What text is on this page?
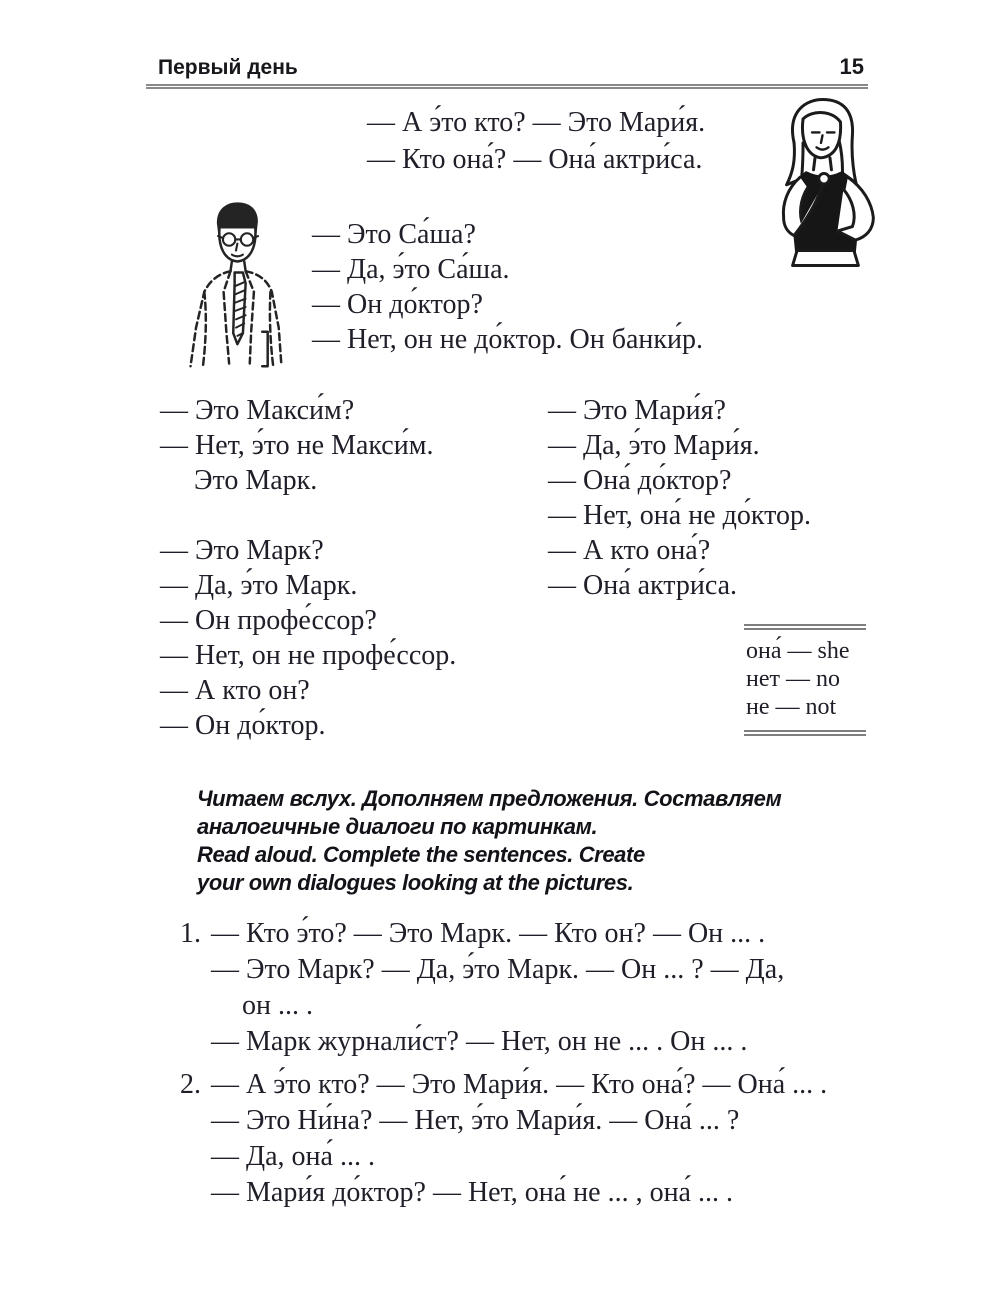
Первый день	15
— А э́то кто? — Это Мари́я.
— Кто она́? — Она́ актри́са.
— Это Са́ша?
— Да, э́то Са́ша.
— Он до́ктор?
— Нет, он не до́ктор. Он банки́р.
— Это Макси́м?
— Нет, э́то не Макси́м.
Это Марк.
— Это Марк?
— Да, э́то Марк.
— Он профе́ссор?
— Нет, он не профе́ссор.
— А кто он?
— Он до́ктор.
— Это Мари́я?
— Да, э́то Мари́я.
— Она́ до́ктор?
— Нет, она́ не до́ктор.
— А кто она́?
— Она́ актри́са.
она́ — she
нет — no
не — not
Читаем вслух. Дополняем предложения. Составляем
аналогичные диалоги по картинкам.
Read aloud. Complete the sentences. Create
your own dialogues looking at the pictures.
1. — Кто э́то? — Это Марк. — Кто он? — Он ... .
— Это Марк? — Да, э́то Марк. — Он ... ? — Да,
он ... .
— Марк журнали́ст? — Нет, он не ... . Он ... .
2. — А э́то кто? — Это Мари́я. — Кто она́? — Она́ ... .
— Это Ни́на? — Нет, э́то Мари́я. — Она́ ... ?
— Да, она́ ... .
— Мари́я до́ктор? — Нет, она́ не ... , она́ ... .
